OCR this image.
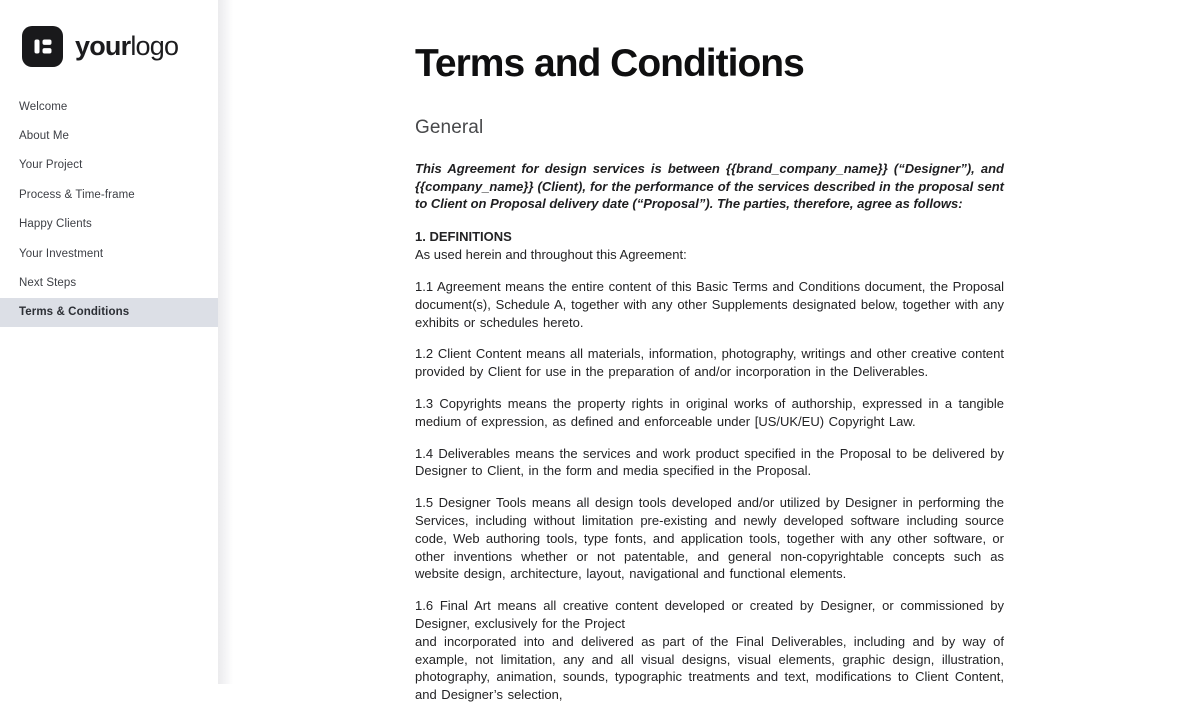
yourlogo
Welcome
About Me
Your Project
Process & Time-frame
Happy Clients
Your Investment
Next Steps
Terms & Conditions
Terms and Conditions
General

This Agreement for design services is between {{brand_company_name}} (“Designer”), and {{company_name}} (Client), for the performance of the services described in the proposal sent to Client on Proposal delivery date (“Proposal”). The parties, therefore, agree as follows:

1. DEFINITIONS
As used herein and throughout this Agreement:

1.1 Agreement means the entire content of this Basic Terms and Conditions document, the Proposal document(s), Schedule A, together with any other Supplements designated below, together with any exhibits or schedules hereto.

1.2 Client Content means all materials, information, photography, writings and other creative content provided by Client for use in the preparation of and/or incorporation in the Deliverables.

1.3 Copyrights means the property rights in original works of authorship, expressed in a tangible medium of expression, as defined and enforceable under [US/UK/EU) Copyright Law.

1.4 Deliverables means the services and work product specified in the Proposal to be delivered by Designer to Client, in the form and media specified in the Proposal.

1.5 Designer Tools means all design tools developed and/or utilized by Designer in performing the Services, including without limitation pre-existing and newly developed software including source code, Web authoring tools, type fonts, and application tools, together with any other software, or other inventions whether or not patentable, and general non-copyrightable concepts such as website design, architecture, layout, navigational and functional elements.

1.6 Final Art means all creative content developed or created by Designer, or commissioned by Designer, exclusively for the Project
and incorporated into and delivered as part of the Final Deliverables, including and by way of example, not limitation, any and all visual designs, visual elements, graphic design, illustration, photography, animation, sounds, typographic treatments and text, modifications to Client Content, and Designer’s selection,
